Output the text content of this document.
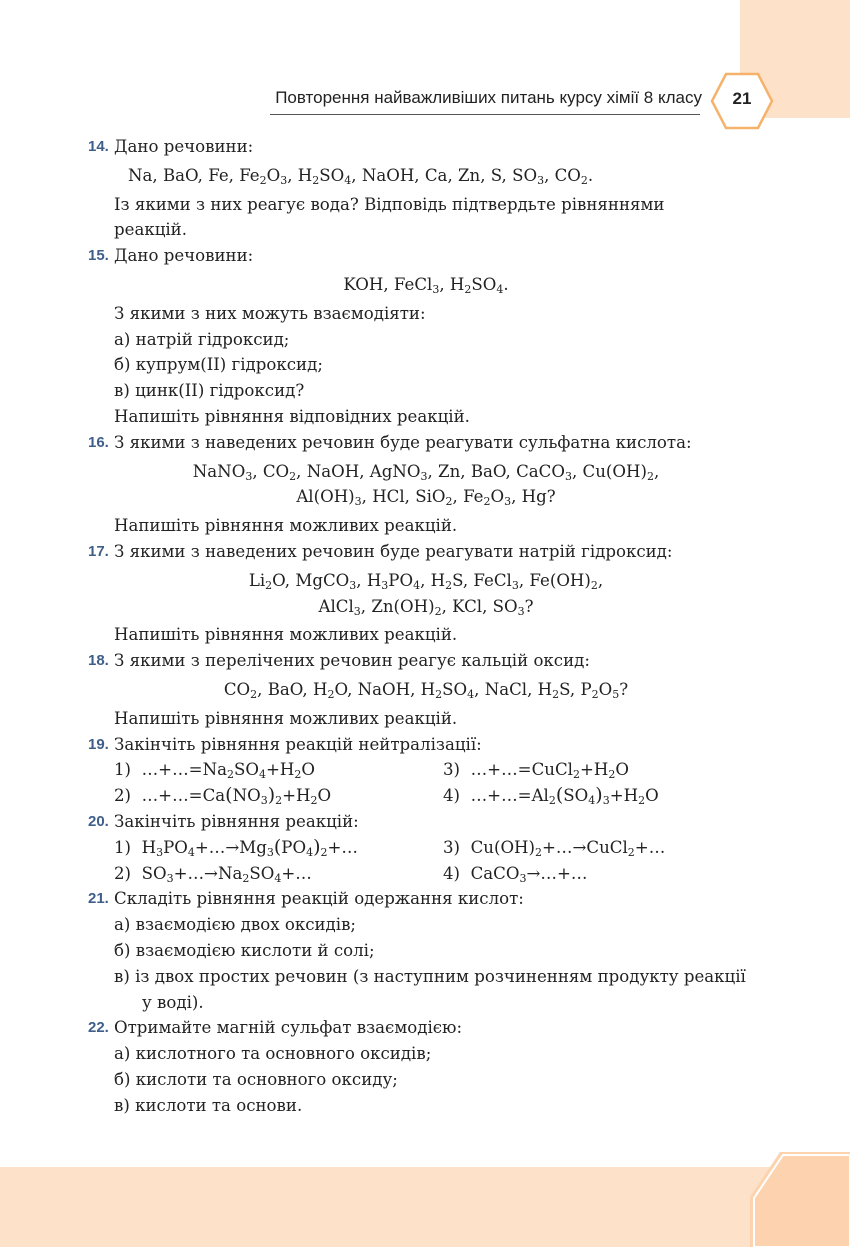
Повторення найважливіших питань курсу хімії 8 класу	21
14. Дано речовини:
Na, BaO, Fe, $Fe_2O_3$, $H_2SO_4$, NaOH, Ca, Zn, S, $SO_3$, $CO_2$.
Із якими з них реагує вода? Відповідь підтвердьте рівняннями
реакцій.
15. Дано речовини:
KOH, FeCl$_3$, $H_2SO_4$.
З якими з них можуть взаємодіяти:
а) натрій гідроксид;
б) купрум(ІІ) гідроксид;
в) цинк(ІІ) гідроксид?
Напишіть рівняння відповідних реакцій.
16. З якими з наведених речовин буде реагувати сульфатна кислота:
NaNO$_3$, $CO_2$, NaOH, AgNO$_3$, Zn, BaO, CaCO$_3$, $Cu(OH)_2$,
$Al(OH)_3$, HCl, SiO$_2$, $Fe_2O_3$, Hg?
Напишіть рівняння можливих реакцій.
17. З якими з наведених речовин буде реагувати натрій гідроксид:
$Li_2O$, MgCO$_3$, $H_3PO_4$, $H_2S$, FeCl$_3$, $Fe(OH)_2$,
AlCl$_3$, $Zn(OH)_2$, KCl, $SO_3$?
Напишіть рівняння можливих реакцій.
18. З якими з перелічених речовин реагує кальцій оксид:
$CO_2$, BaO, $H_2O$, NaOH, $H_2SO_4$, NaCl, $H_2S$, $P_2O_5$?
Напишіть рівняння можливих реакцій.
19. Закінчіть рівняння реакцій нейтралізації:
1)  $\dots+\dots=Na_2SO_4+H_2O$	3)  $\dots+\dots=CuCl_2+H_2O$
2)  $\dots+\dots=Ca(NO_3)_2+H_2O$	4)  $\dots+\dots=Al_2(SO_4)_3+H_2O$
20. Закінчіть рівняння реакцій:
1)  $H_3PO_4+\dots\to Mg_3(PO_4)_2+\dots$	3)  $Cu(OH)_2+\dots\to CuCl_2+\dots$
2)  $SO_3+\dots\to Na_2SO_4+\dots$	4)  CaCO$_3$→…+…
21. Складіть рівняння реакцій одержання кислот:
а) взаємодією двох оксидів;
б) взаємодією кислоти й солі;
в) із двох простих речовин (з наступним розчиненням продукту реакції у воді).
22. Отримайте магній сульфат взаємодією:
а) кислотного та основного оксидів;
б) кислоти та основного оксиду;
в) кислоти та основи.
